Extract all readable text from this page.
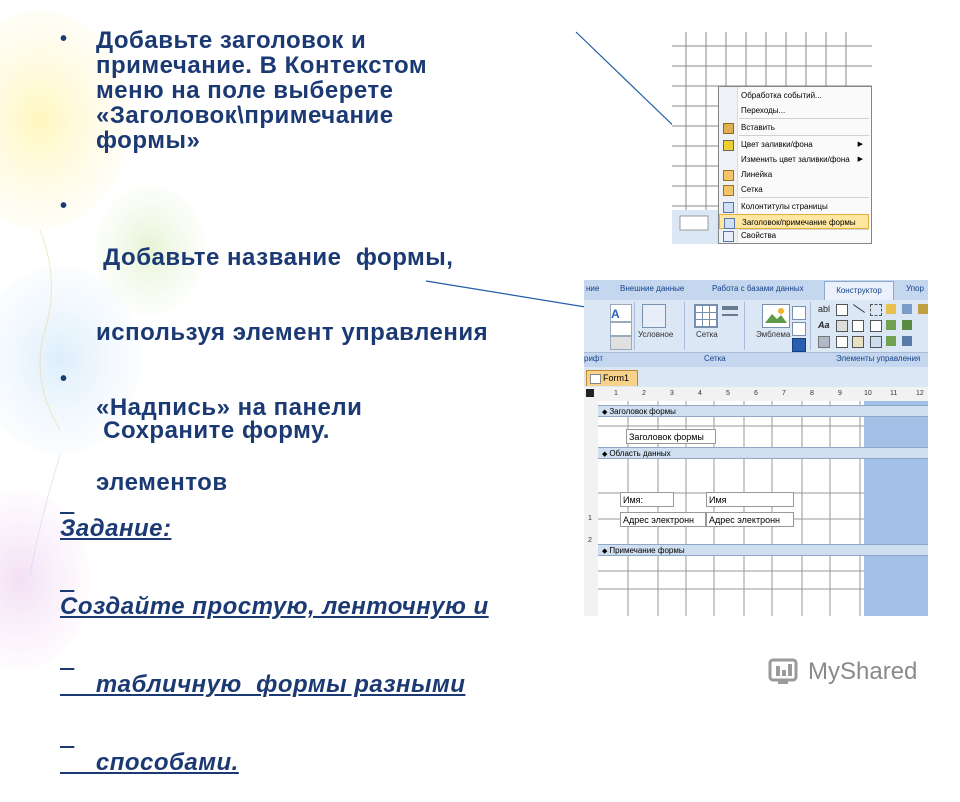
• Добавьте заголовок и
примечание. В Контекстом
меню на поле выберете
«Заголовок\примечание
формы»
•

Добавьте название  формы,

используя элемент управления

«Надпись» на панели

элементов

•

Сохраните форму.

Задание:

Создайте простую, ленточную и

табличную  формы разными

способами.

Обработка событий...
Переходы...
Вставить
Цвет заливки/фона	▶
Изменить цвет заливки/фона ▶
Линейка
Сетка
Колонтитулы страницы
Заголовок/примечание формы
Свойства
ние	Внешние данные	Работа с базами данных	Конструктор	Упор
A
Условное	Сетка	Эмблема
abl
Aa
рифт	Сетка	Элементы управления
Form1
1	2	3	4	5	6	7	8	9	10	11	12
1
2
◆ Заголовок формы
◆ Область данных
◆ Примечание формы
Заголовок формы
Имя:	Имя
Адрес электронн	Адрес электронн
MyShared
